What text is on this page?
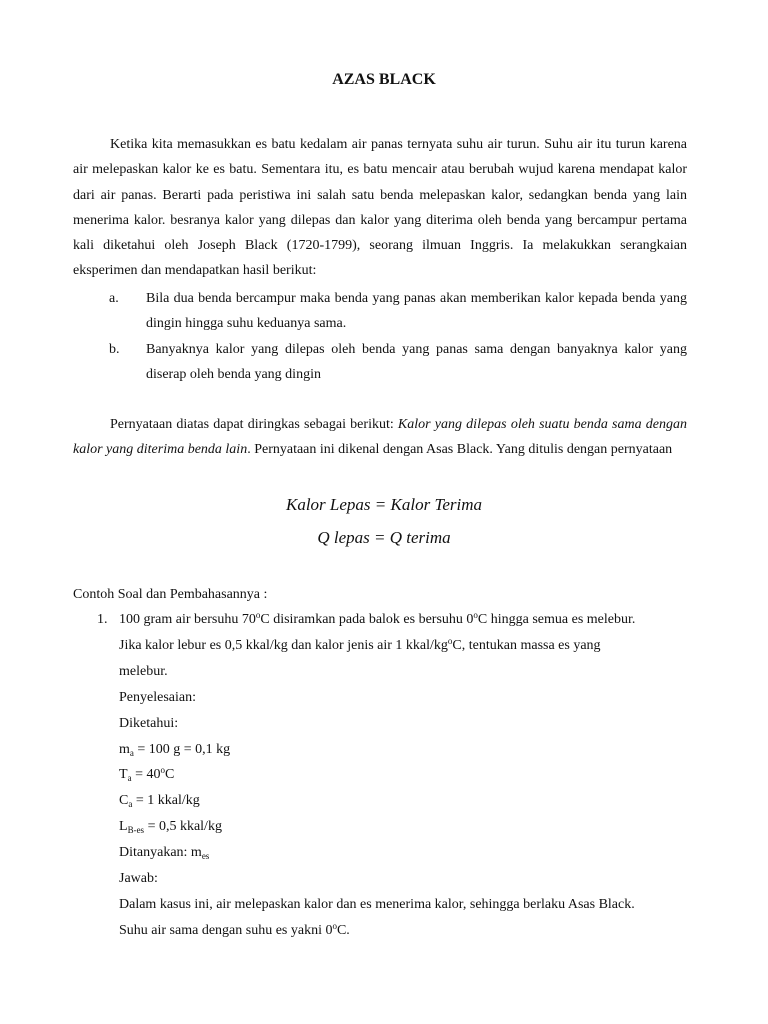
AZAS BLACK

Ketika kita memasukkan es batu kedalam air panas ternyata suhu air turun. Suhu air itu turun karena air melepaskan kalor ke es batu. Sementara itu, es batu mencair atau berubah wujud karena mendapat kalor dari air panas. Berarti pada peristiwa ini salah satu benda melepaskan kalor, sedangkan benda yang lain menerima kalor. besranya kalor yang dilepas dan kalor yang diterima oleh benda yang bercampur pertama kali diketahui oleh Joseph Black (1720-1799), seorang ilmuan Inggris. Ia melakukkan serangkaian eksperimen dan mendapatkan hasil berikut:

a.	Bila dua benda bercampur maka benda yang panas akan memberikan kalor kepada benda yang dingin hingga suhu keduanya sama.
b.	Banyaknya kalor yang dilepas oleh benda yang panas sama dengan banyaknya kalor yang diserap oleh benda yang dingin

Pernyataan diatas dapat diringkas sebagai berikut: Kalor yang dilepas oleh suatu benda sama dengan kalor yang diterima benda lain. Pernyataan ini dikenal dengan Asas Black. Yang ditulis dengan pernyataan

Kalor Lepas = Kalor Terima
Q lepas = Q terima

Contoh Soal dan Pembahasannya :

1. 100 gram air bersuhu 70$^o$C disiramkan pada balok es bersuhu 0$^o$C hingga semua es melebur.
Jika kalor lebur es 0,5 kkal/kg dan kalor jenis air 1 kkal/$kg^oC$, tentukan massa es yang
melebur.
Penyelesaian:
Diketahui:
$m_a = 100$ g = 0,1 kg
$T_a = 40^oC$
$C_a = 1$ kkal/kg
$L_{B-es} = 0,5$ kkal/kg
Ditanyakan: $m_{es}$
Jawab:
Dalam kasus ini, air melepaskan kalor dan es menerima kalor, sehingga berlaku Asas Black.
Suhu air sama dengan suhu es yakni 0$^o$C.
